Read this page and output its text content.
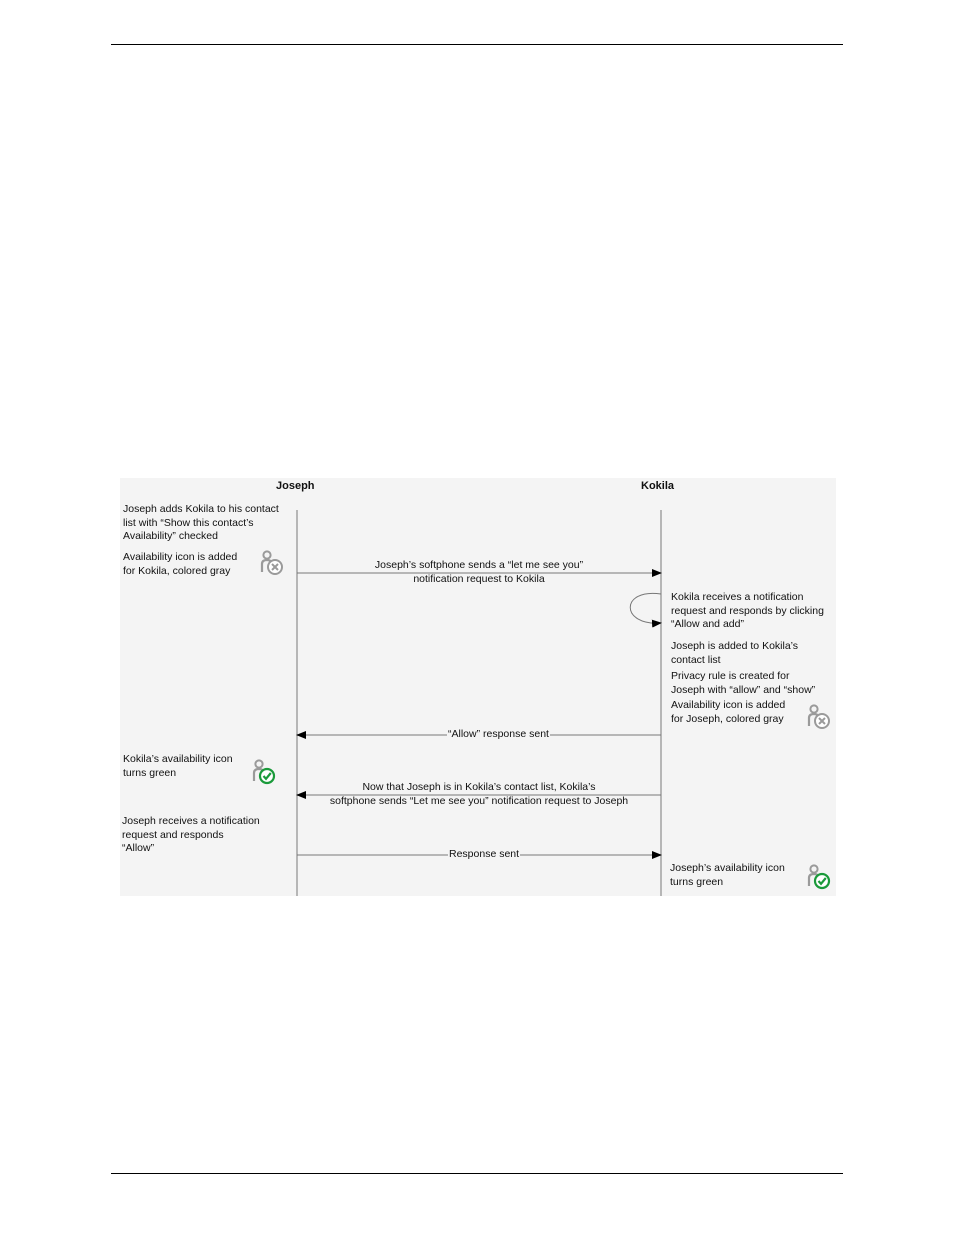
Joseph	Kokila
Joseph adds Kokila to his contact
list with “Show this contact’s
Availability” checked
Availability icon is added
for Kokila, colored gray	Joseph’s softphone sends a “let me see you”
notification request to Kokila
Kokila receives a notification
request and responds by clicking
“Allow and add”
Joseph is added to Kokila’s
contact list
Privacy rule is created for
Joseph with “allow” and “show”
Availability icon is added
for Joseph, colored gray
“Allow” response sent
Kokila’s availability icon
turns green
Now that Joseph is in Kokila’s contact list, Kokila’s
softphone sends “Let me see you” notification request to Joseph
Joseph receives a notification
request and responds
“Allow”	Response sent
Joseph’s availability icon
turns green
